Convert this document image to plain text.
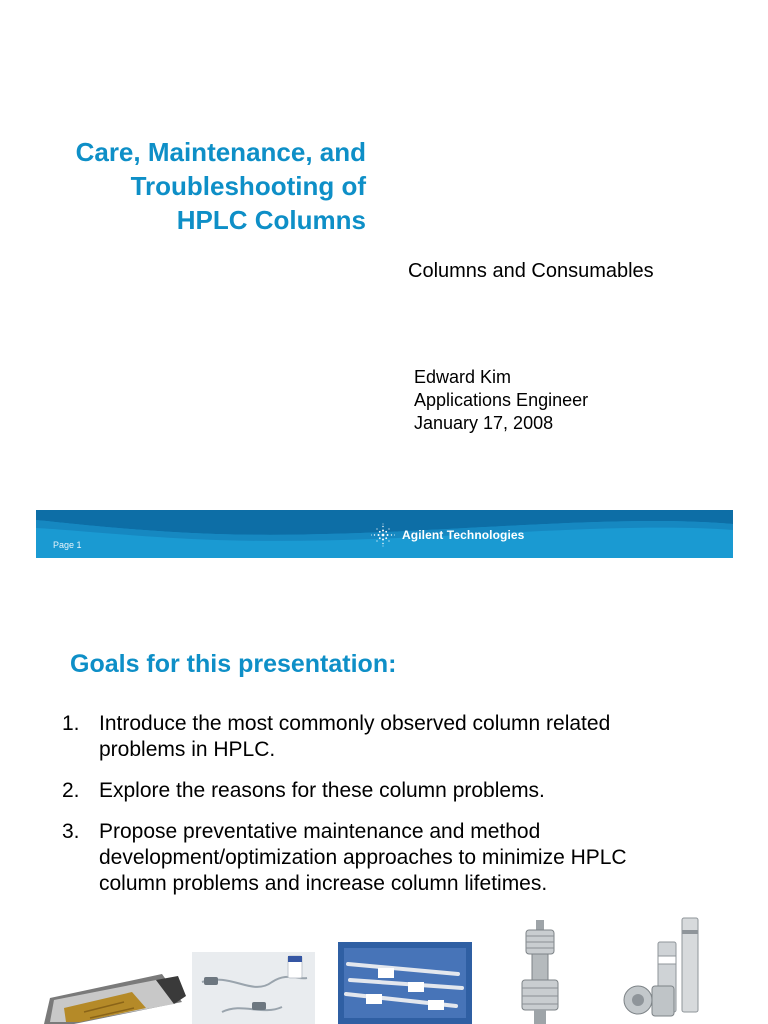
Care, Maintenance, and
Troubleshooting of
HPLC Columns
Columns and Consumables
Edward Kim
Applications Engineer
January 17, 2008
Page 1
Agilent Technologies
Goals for this presentation:
1. Introduce the most commonly observed column related
problems in HPLC.
2. Explore the reasons for these column problems.
3. Propose preventative maintenance and method
development/optimization approaches to minimize HPLC
column problems and increase column lifetimes.
